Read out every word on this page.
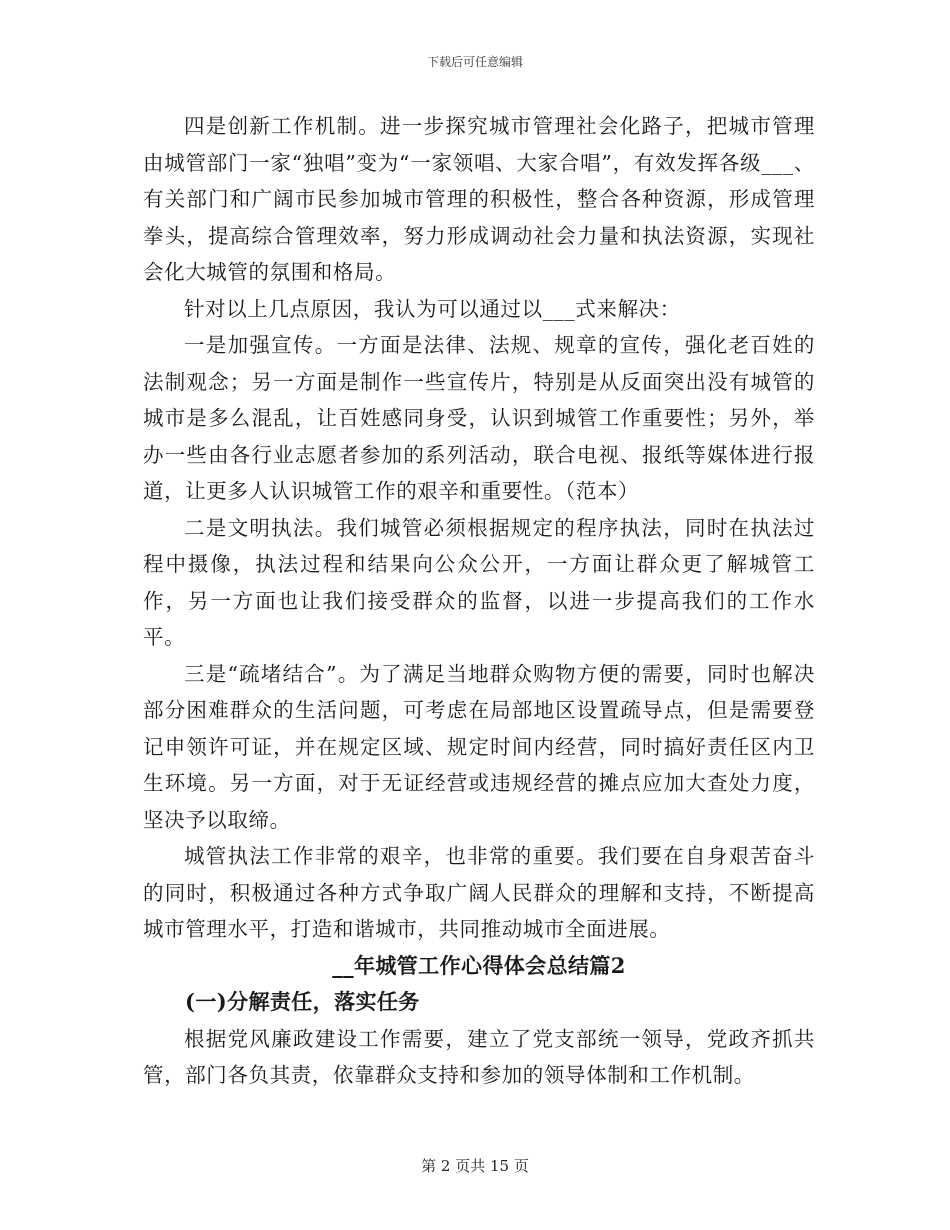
下载后可任意编辑

四是创新工作机制。进一步探究城市管理社会化路子，把城市管理由城管部门一家“独唱”变为“一家领唱、大家合唱”，有效发挥各级___、有关部门和广阔市民参加城市管理的积极性，整合各种资源，形成管理拳头，提高综合管理效率，努力形成调动社会力量和执法资源，实现社会化大城管的氛围和格局。

针对以上几点原因，我认为可以通过以___式来解决：

一是加强宣传。一方面是法律、法规、规章的宣传，强化老百姓的法制观念；另一方面是制作一些宣传片，特别是从反面突出没有城管的城市是多么混乱，让百姓感同身受，认识到城管工作重要性；另外，举办一些由各行业志愿者参加的系列活动，联合电视、报纸等媒体进行报道，让更多人认识城管工作的艰辛和重要性。（范本）

二是文明执法。我们城管必须根据规定的程序执法，同时在执法过程中摄像，执法过程和结果向公众公开，一方面让群众更了解城管工作，另一方面也让我们接受群众的监督，以进一步提高我们的工作水平。

三是“疏堵结合”。为了满足当地群众购物方便的需要，同时也解决部分困难群众的生活问题，可考虑在局部地区设置疏导点，但是需要登记申领许可证，并在规定区域、规定时间内经营，同时搞好责任区内卫生环境。另一方面，对于无证经营或违规经营的摊点应加大查处力度，坚决予以取缔。

城管执法工作非常的艰辛，也非常的重要。我们要在自身艰苦奋斗的同时，积极通过各种方式争取广阔人民群众的理解和支持，不断提高城市管理水平，打造和谐城市，共同推动城市全面进展。

__年城管工作心得体会总结篇2

(一)分解责任，落实任务

根据党风廉政建设工作需要，建立了党支部统一领导，党政齐抓共管，部门各负其责，依靠群众支持和参加的领导体制和工作机制。

第 2 页共 15 页
